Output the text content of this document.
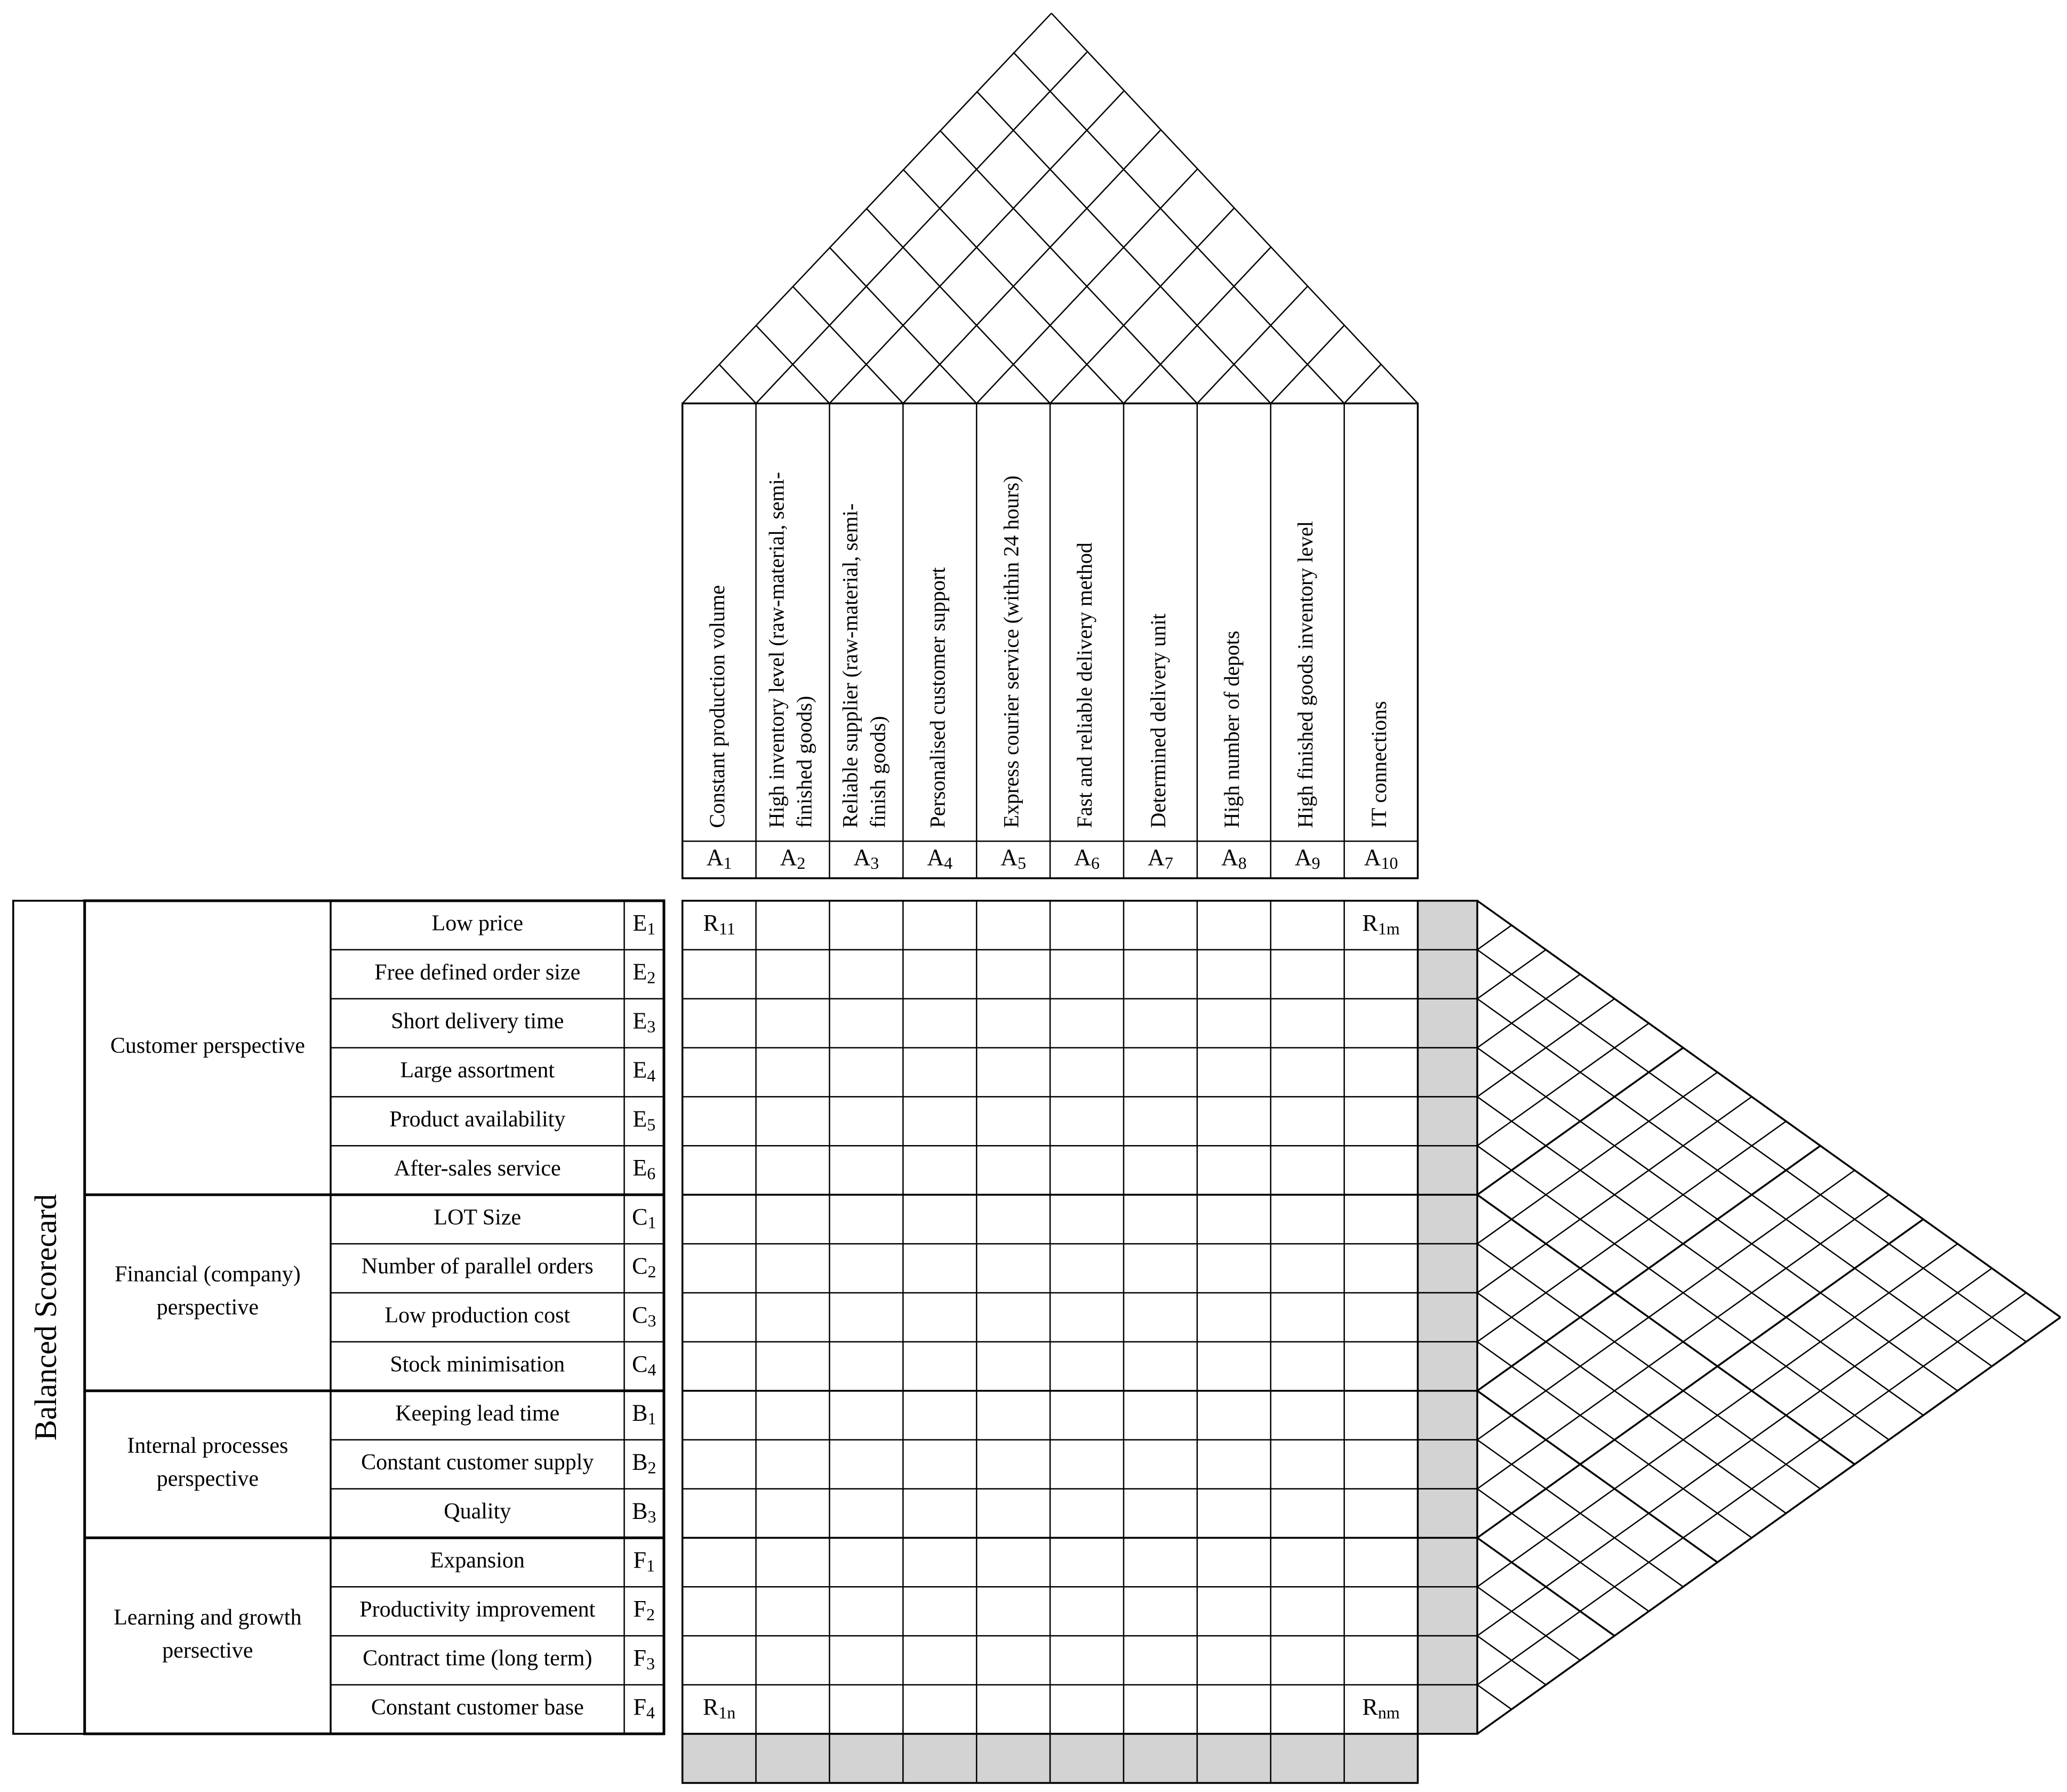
Constant production volume
$A_1$
High inventory level (raw-material, semi- finished goods)
$A_2$
Reliable supplier (raw-material, semi- finish goods)
$A_3$
Personalised customer support
$A_4$
Express courier service (within 24 hours)
$A_5$
Fast and reliable delivery method
$A_6$
Determined delivery unit
$A_7$
High number of depots
$A_8$
High finished goods inventory level
$A_9$
IT connections
$A_{10}$
$R_{11}$	$R_{1m}$
$R_{1n}$	$R_{nm}$
Balanced Scorecard
Customer perspective
Low price	$E_1$
Free defined order size $E_2$
Short delivery time	$E_3$
Large assortment	$E_4$
Product availability	$E_5$
After-sales service	$E_6$
Financial (company)
perspective
LOT Size	$C_1$
Number of parallel orders $C_2$
Low production cost	$C_3$
Stock minimisation	$C_4$
Internal processes
perspective
Keeping lead time	$B_1$
Constant customer supply $B_2$
Quality	$B_3$
Learning and growth
persective
Expansion	$F_1$
Productivity improvement $F_2$
Contract time (long term) $F_3$
Constant customer base $F_4$
